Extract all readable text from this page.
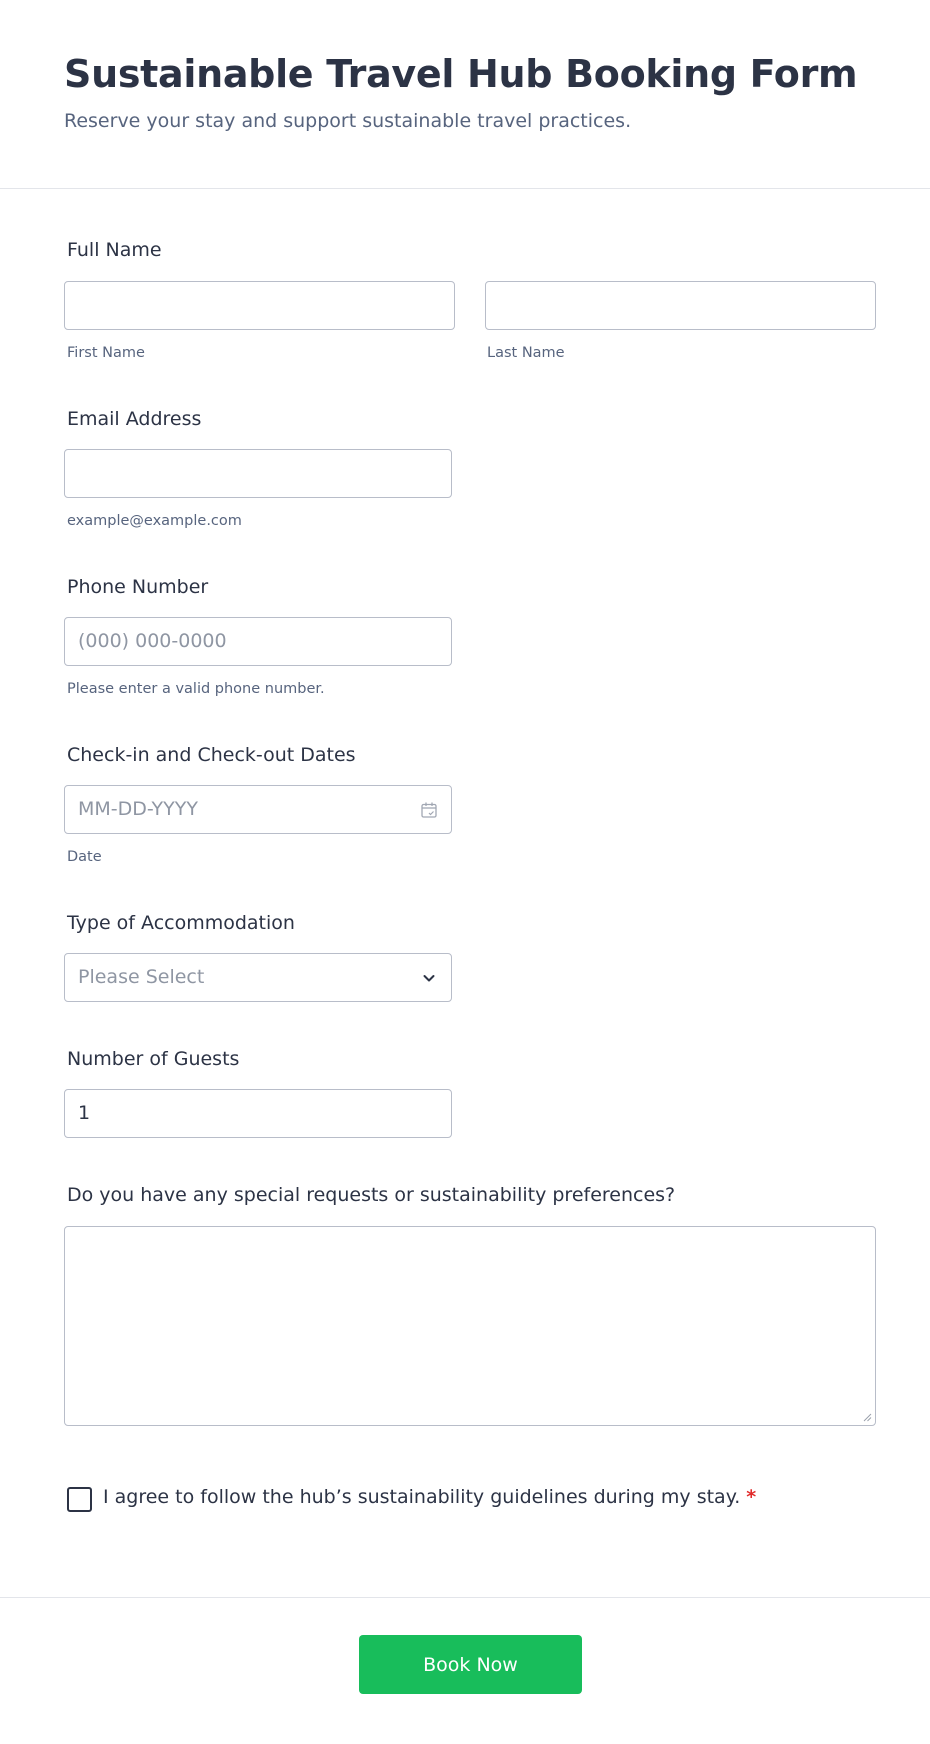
Sustainable Travel Hub Booking Form

Reserve your stay and support sustainable travel practices.

Full Name
First Name	Last Name
Email Address
example@example.com
Phone Number
(000) 000-0000
Please enter a valid phone number.
Check-in and Check-out Dates
MM-DD-YYYY
Date
Type of Accommodation
Please Select
Number of Guests
1
Do you have any special requests or sustainability preferences?
I agree to follow the hub’s sustainability guidelines during my stay. *
Book Now
